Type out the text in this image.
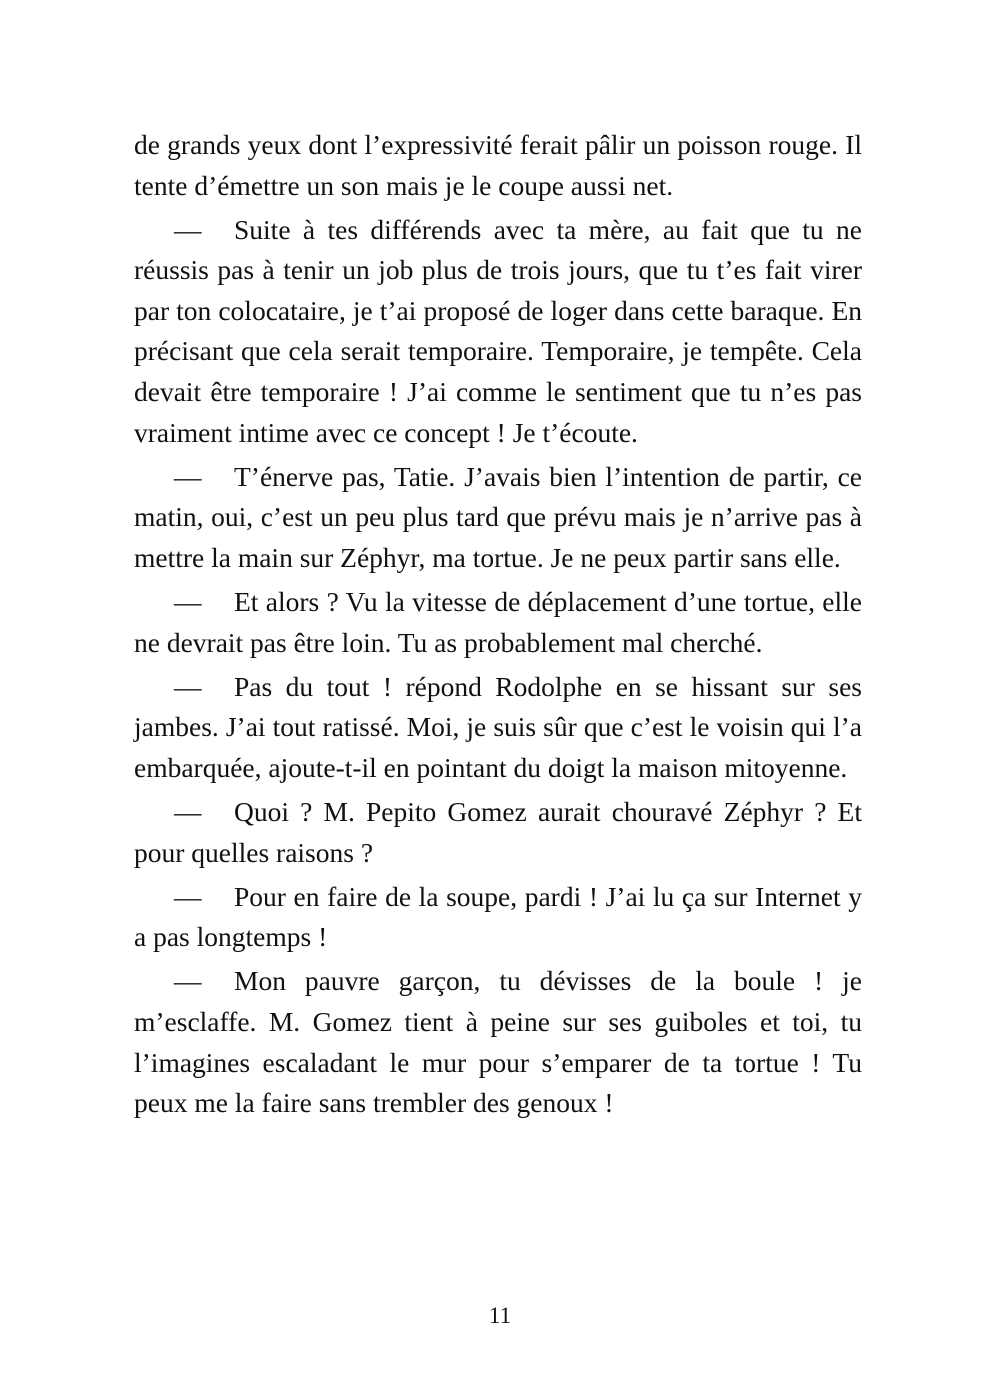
de grands yeux dont l’expressivité ferait pâlir un poisson rouge. Il tente d’émettre un son mais je le coupe aussi net.

— Suite à tes différends avec ta mère, au fait que tu ne réussis pas à tenir un job plus de trois jours, que tu t’es fait virer par ton colocataire, je t’ai proposé de loger dans cette baraque. En précisant que cela serait temporaire. Temporaire, je tempête. Cela devait être temporaire ! J’ai comme le sentiment que tu n’es pas vraiment intime avec ce concept ! Je t’écoute.

— T’énerve pas, Tatie. J’avais bien l’intention de partir, ce matin, oui, c’est un peu plus tard que prévu mais je n’arrive pas à mettre la main sur Zéphyr, ma tortue. Je ne peux partir sans elle.

— Et alors ? Vu la vitesse de déplacement d’une tortue, elle ne devrait pas être loin. Tu as probablement mal cherché.

— Pas du tout ! répond Rodolphe en se hissant sur ses jambes. J’ai tout ratissé. Moi, je suis sûr que c’est le voisin qui l’a embarquée, ajoute-t-il en pointant du doigt la maison mitoyenne.

— Quoi ? M. Pepito Gomez aurait chouravé Zéphyr ? Et pour quelles raisons ?

— Pour en faire de la soupe, pardi ! J’ai lu ça sur Internet y a pas longtemps !

— Mon pauvre garçon, tu dévisses de la boule ! je m’esclaffe. M. Gomez tient à peine sur ses guiboles et toi, tu l’imagines escaladant le mur pour s’emparer de ta tortue ! Tu peux me la faire sans trembler des genoux !

11
